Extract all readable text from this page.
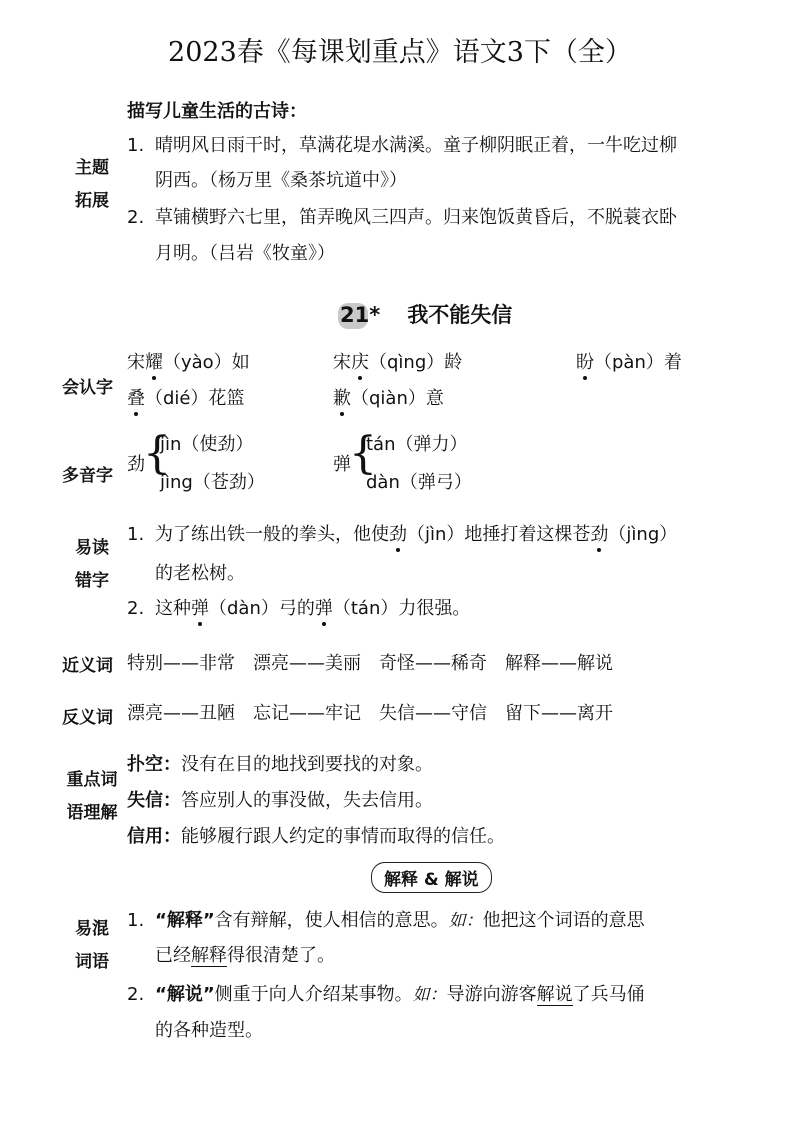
2023春《每课划重点》语文3下（全）
主题
拓展
描写儿童生活的古诗：
1. 晴明风日雨干时，草满花堤水满溪。童子柳阴眠正着，一牛吃过柳
阴西。（杨万里《桑茶坑道中》）
2. 草铺横野六七里，笛弄晚风三四声。归来饱饭黄昏后，不脱蓑衣卧
月明。（吕岩《牧童》）
21* 我不能失信
会认字
宋耀（yào）如	宋庆（qìng）龄	盼（pàn）着
叠（dié）花篮	歉（qiàn）意
多音字
劲
{
jìn（使劲）
jìng（苍劲）
弹
{
tán（弹力）
dàn（弹弓）
易读
错字
1. 为了练出铁一般的拳头，他使劲（jìn）地捶打着这棵苍劲（jìng）
的老松树。
2. 这种弹（dàn）弓的弹（tán）力很强。
近义词 特别——非常　漂亮——美丽　奇怪——稀奇　解释——解说
反义词 漂亮——丑陋　忘记——牢记　失信——守信　留下——离开
重点词
语理解
扑空：没有在目的地找到要找的对象。
失信：答应别人的事没做，失去信用。
信用：能够履行跟人约定的事情而取得的信任。
解释 & 解说
易混
词语
1. “解释”含有辩解，使人相信的意思。如：他把这个词语的意思
已经解释得很清楚了。
2. “解说”侧重于向人介绍某事物。如：导游向游客解说了兵马俑
的各种造型。
